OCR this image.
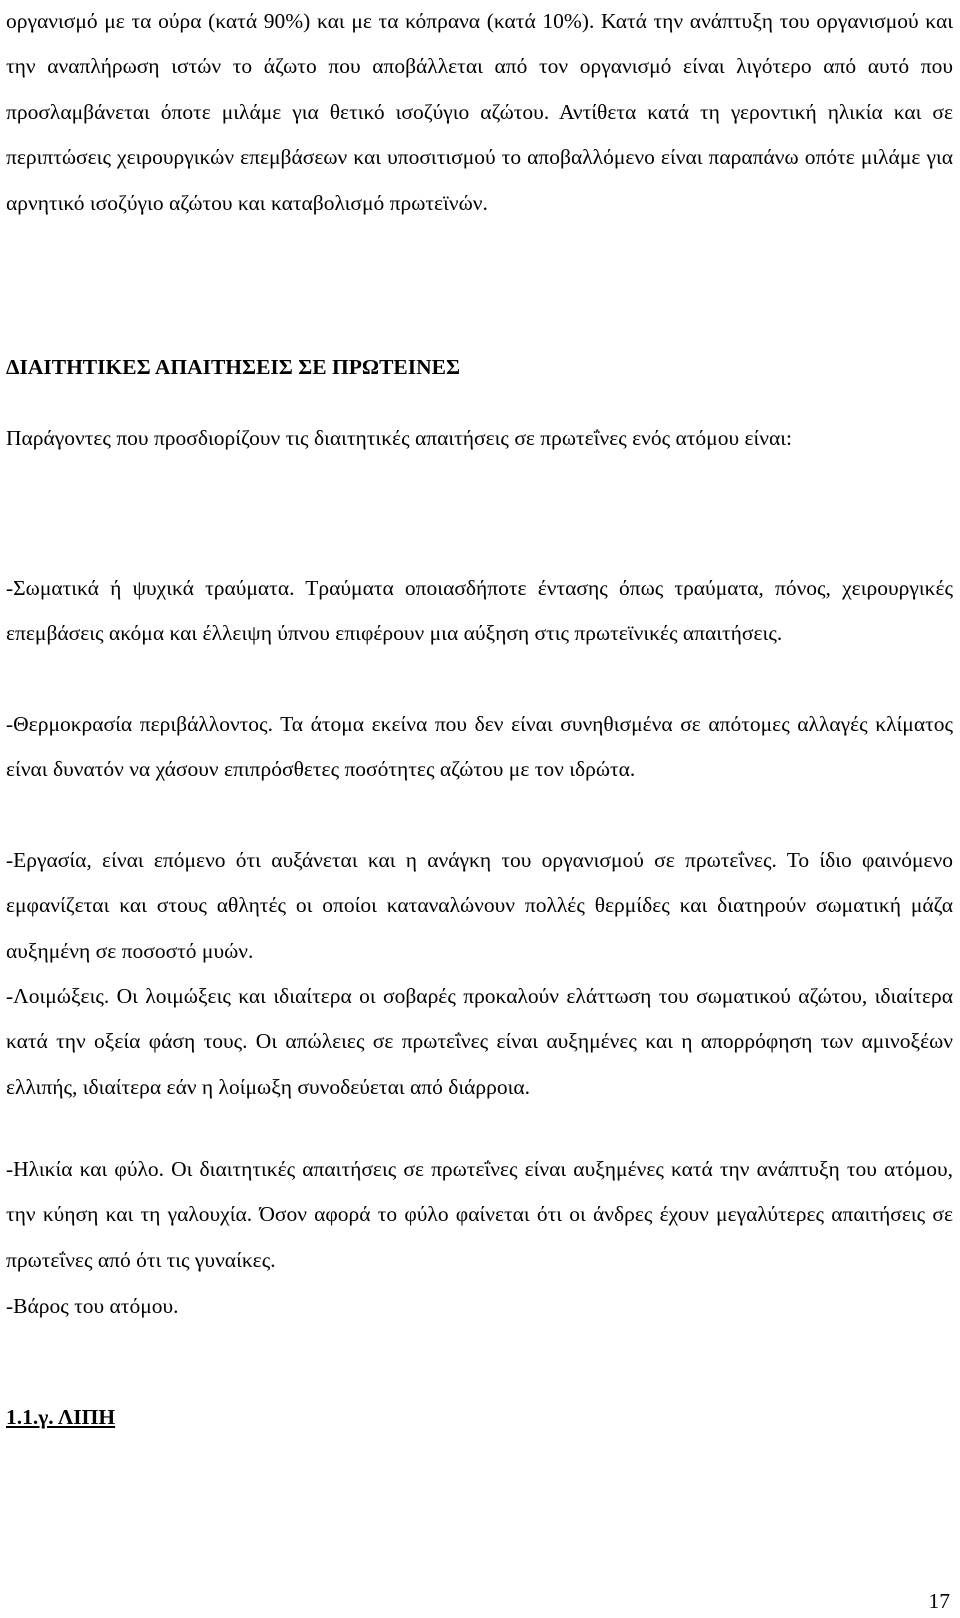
οργανισμό με τα ούρα (κατά 90%) και με τα κόπρανα (κατά 10%). Κατά την ανάπτυξη του οργανισμού και την αναπλήρωση ιστών το άζωτο που αποβάλλεται από τον οργανισμό είναι λιγότερο από αυτό που προσλαμβάνεται όποτε μιλάμε για θετικό ισοζύγιο αζώτου. Αντίθετα κατά τη γεροντική ηλικία και σε περιπτώσεις χειρουργικών επεμβάσεων και υποσιτισμού το αποβαλλόμενο είναι παραπάνω οπότε μιλάμε για αρνητικό ισοζύγιο αζώτου και καταβολισμό πρωτεϊνών.

ΔΙΑΙΤΗΤΙΚΕΣ ΑΠΑΙΤΗΣΕΙΣ ΣΕ ΠΡΩΤΕΙΝΕΣ

Παράγοντες που προσδιορίζουν τις διαιτητικές απαιτήσεις σε πρωτεΐνες ενός ατόμου είναι:

-Σωματικά ή ψυχικά τραύματα. Τραύματα οποιασδήποτε έντασης όπως τραύματα, πόνος, χειρουργικές επεμβάσεις ακόμα και έλλειψη ύπνου επιφέρουν μια αύξηση στις πρωτεϊνικές απαιτήσεις.

-Θερμοκρασία περιβάλλοντος. Τα άτομα εκείνα που δεν είναι συνηθισμένα σε απότομες αλλαγές κλίματος είναι δυνατόν να χάσουν επιπρόσθετες ποσότητες αζώτου με τον ιδρώτα.

-Εργασία, είναι επόμενο ότι αυξάνεται και η ανάγκη του οργανισμού σε πρωτεΐνες. Το ίδιο φαινόμενο εμφανίζεται και στους αθλητές οι οποίοι καταναλώνουν πολλές θερμίδες και διατηρούν σωματική μάζα αυξημένη σε ποσοστό μυών.

-Λοιμώξεις. Οι λοιμώξεις και ιδιαίτερα οι σοβαρές προκαλούν ελάττωση του σωματικού αζώτου, ιδιαίτερα κατά την οξεία φάση τους. Οι απώλειες σε πρωτεΐνες είναι αυξημένες και η απορρόφηση των αμινοξέων ελλιπής, ιδιαίτερα εάν η λοίμωξη συνοδεύεται από διάρροια.

-Ηλικία και φύλο. Οι διαιτητικές απαιτήσεις σε πρωτεΐνες είναι αυξημένες κατά την ανάπτυξη του ατόμου, την κύηση και τη γαλουχία. Όσον αφορά το φύλο φαίνεται ότι οι άνδρες έχουν μεγαλύτερες απαιτήσεις σε πρωτεΐνες από ότι τις γυναίκες.

-Βάρος του ατόμου.

1.1.γ. ΛΙΠΗ
17
